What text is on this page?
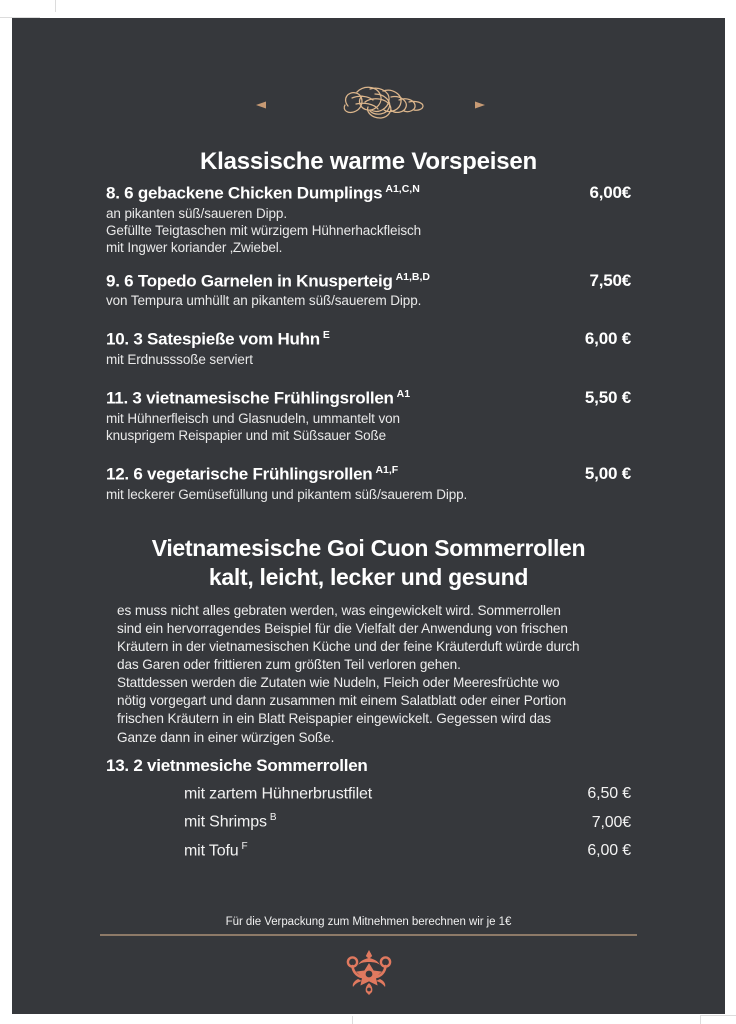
Klassische warme Vorspeisen
8. 6 gebackene Chicken Dumplings $^{A1,C,N}$	6,00€
an pikanten süß/saueren Dipp.
Gefüllte Teigtaschen mit würzigem Hühnerhackfleisch
mit Ingwer koriander ‚Zwiebel.
9. 6 Topedo Garnelen in Knusperteig $^{A1,B,D}$	7,50€
von Tempura umhüllt an pikantem süß/sauerem Dipp.
10. 3 Satespieße vom Huhn $^E$	6,00 €
mit Erdnusssoße serviert
11. 3 vietnamesische Frühlingsrollen $^{A1}$	5,50 €
mit Hühnerfleisch und Glasnudeln, ummantelt von
knusprigem Reispapier und mit Süßsauer Soße
12. 6 vegetarische Frühlingsrollen $^{A1,F}$	5,00 €
mit leckerer Gemüsefüllung und pikantem süß/sauerem Dipp.
Vietnamesische Goi Cuon Sommerrollen
kalt, leicht, lecker und gesund
es muss nicht alles gebraten werden, was eingewickelt wird. Sommerrollen
sind ein hervorragendes Beispiel für die Vielfalt der Anwendung von frischen
Kräutern in der vietnamesischen Küche und der feine Kräuterduft würde durch
das Garen oder frittieren zum größten Teil verloren gehen.
Stattdessen werden die Zutaten wie Nudeln, Fleich oder Meeresfrüchte wo
nötig vorgegart und dann zusammen mit einem Salatblatt oder einer Portion
frischen Kräutern in ein Blatt Reispapier eingewickelt. Gegessen wird das
Ganze dann in einer würzigen Soße.
13. 2 vietnmesiche Sommerrollen
mit zartem Hühnerbrustfilet	6,50 €
mit Shrimps $^B$	7,00€
mit Tofu $^F$	6,00 €
Für die Verpackung zum Mitnehmen berechnen wir je 1€
